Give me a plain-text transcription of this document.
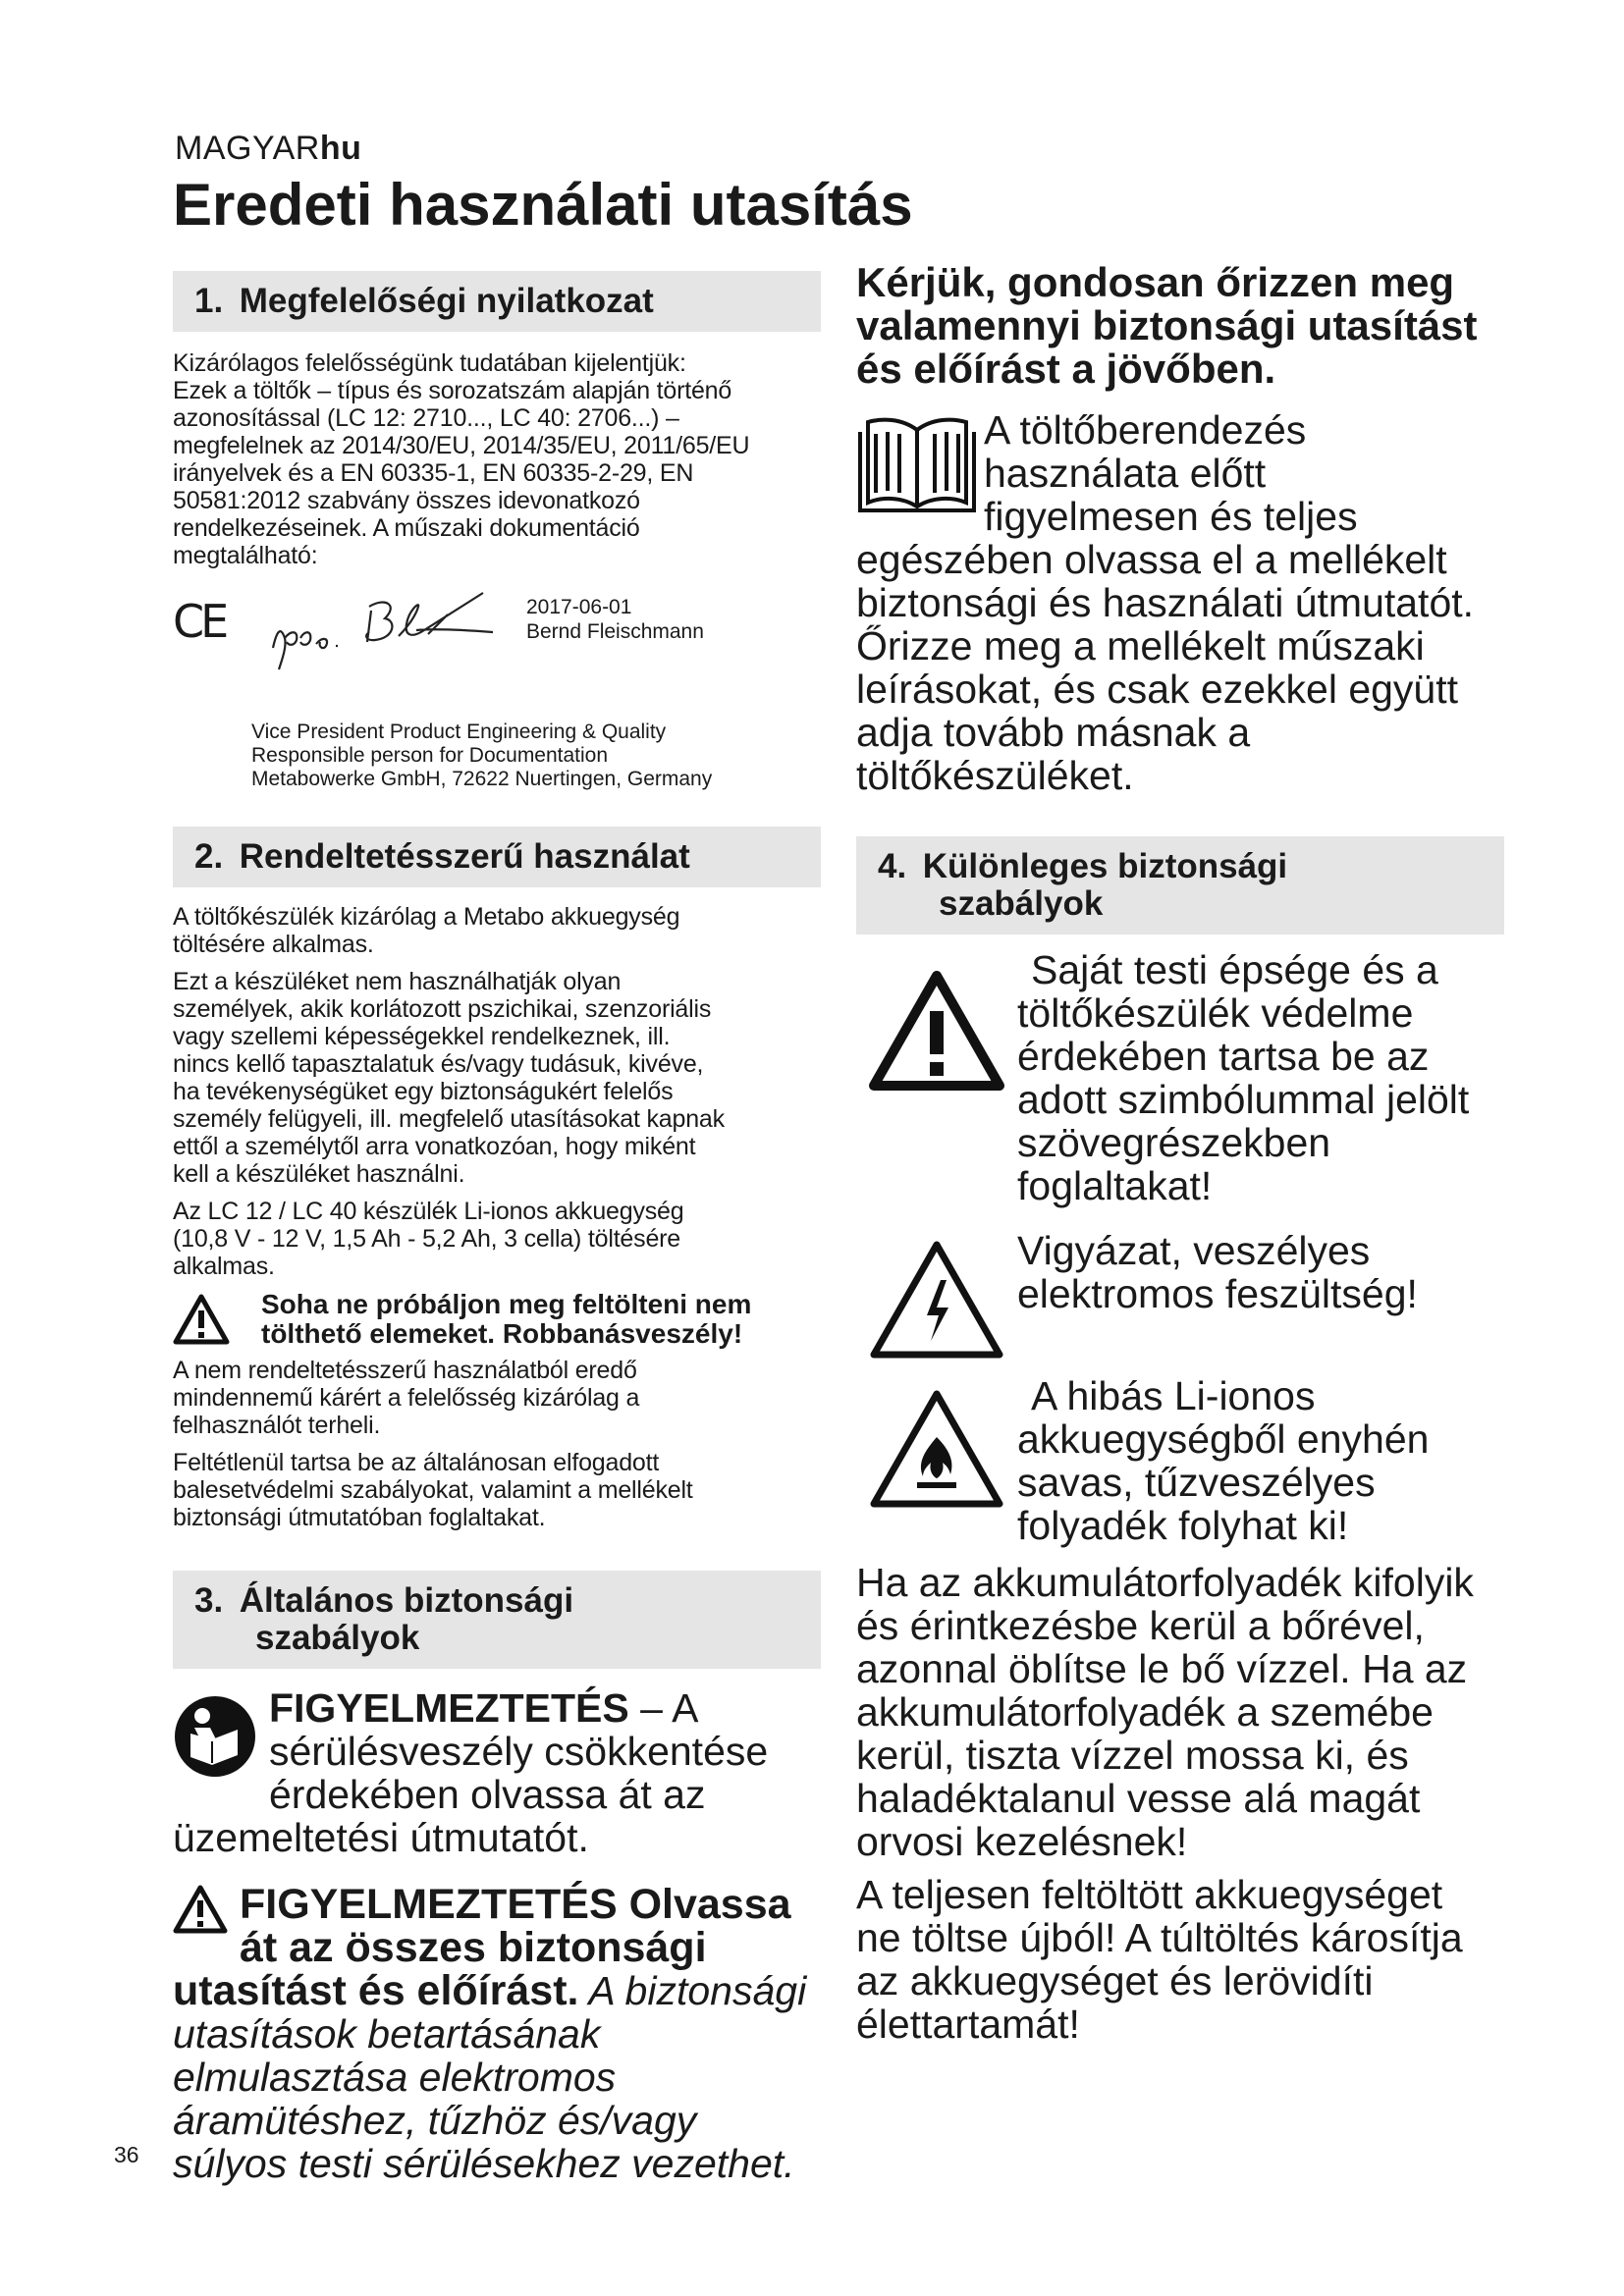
MAGYARhu
Eredeti használati utasítás
1. Megfelelőségi nyilatkozat

Kizárólagos felelősségünk tudatában kijelentjük:
Ezek a töltők – típus és sorozatszám alapján történő
azonosítással (LC 12: 2710..., LC 40: 2706...) –
megfelelnek az 2014/30/EU, 2014/35/EU, 2011/65/EU
irányelvek és a EN 60335-1, EN 60335-2-29, EN
50581:2012 szabvány összes idevonatkozó
rendelkezéseinek. A műszaki dokumentáció
megtalálható:

CE	2017-06-01
Bernd Fleischmann
Vice President Product Engineering & Quality
Responsible person for Documentation
Metabowerke GmbH, 72622 Nuertingen, Germany
2. Rendeltetésszerű használat

A töltőkészülék kizárólag a Metabo akkuegység
töltésére alkalmas.

Ezt a készüléket nem használhatják olyan
személyek, akik korlátozott pszichikai, szenzoriális
vagy szellemi képességekkel rendelkeznek, ill.
nincs kellő tapasztalatuk és/vagy tudásuk, kivéve,
ha tevékenységüket egy biztonságukért felelős
személy felügyeli, ill. megfelelő utasításokat kapnak
ettől a személytől arra vonatkozóan, hogy miként
kell a készüléket használni.

Az LC 12 / LC 40 készülék Li-ionos akkuegység
(10,8 V - 12 V, 1,5 Ah - 5,2 Ah, 3 cella) töltésére
alkalmas.

Soha ne próbáljon meg feltölteni nem
tölthető elemeket. Robbanásveszély!

A nem rendeltetésszerű használatból eredő
mindennemű kárért a felelősség kizárólag a
felhasználót terheli.

Feltétlenül tartsa be az általánosan elfogadott
balesetvédelmi szabályokat, valamint a mellékelt
biztonsági útmutatóban foglaltakat.

3. Általános biztonsági
szabályok
FIGYELMEZTETÉS – A
sérülésveszély csökkentése
érdekében olvassa át az
üzemeltetési útmutatót.
FIGYELMEZTETÉS Olvassa
át az összes biztonsági
utasítást és előírást. A biztonsági
utasítások betartásának
elmulasztása elektromos
áramütéshez, tűzhöz és/vagy
súlyos testi sérülésekhez vezethet.
Kérjük, gondosan őrizzen meg
valamennyi biztonsági utasítást
és előírást a jövőben.
A töltőberendezés
használata előtt
figyelmesen és teljes
egészében olvassa el a mellékelt
biztonsági és használati útmutatót.
Őrizze meg a mellékelt műszaki
leírásokat, és csak ezekkel együtt
adja tovább másnak a
töltőkészüléket.
4. Különleges biztonsági
szabályok
Saját testi épsége és a
töltőkészülék védelme
érdekében tartsa be az
adott szimbólummal jelölt
szövegrészekben
foglaltakat!
Vigyázat, veszélyes
elektromos feszültség!
A hibás Li-ionos
akkuegységből enyhén
savas, tűzveszélyes
folyadék folyhat ki!

Ha az akkumulátorfolyadék kifolyik
és érintkezésbe kerül a bőrével,
azonnal öblítse le bő vízzel. Ha az
akkumulátorfolyadék a szemébe
kerül, tiszta vízzel mossa ki, és
haladéktalanul vesse alá magát
orvosi kezelésnek!

A teljesen feltöltött akkuegységet
ne töltse újból! A túltöltés károsítja
az akkuegységet és lerövidíti
élettartamát!

36
